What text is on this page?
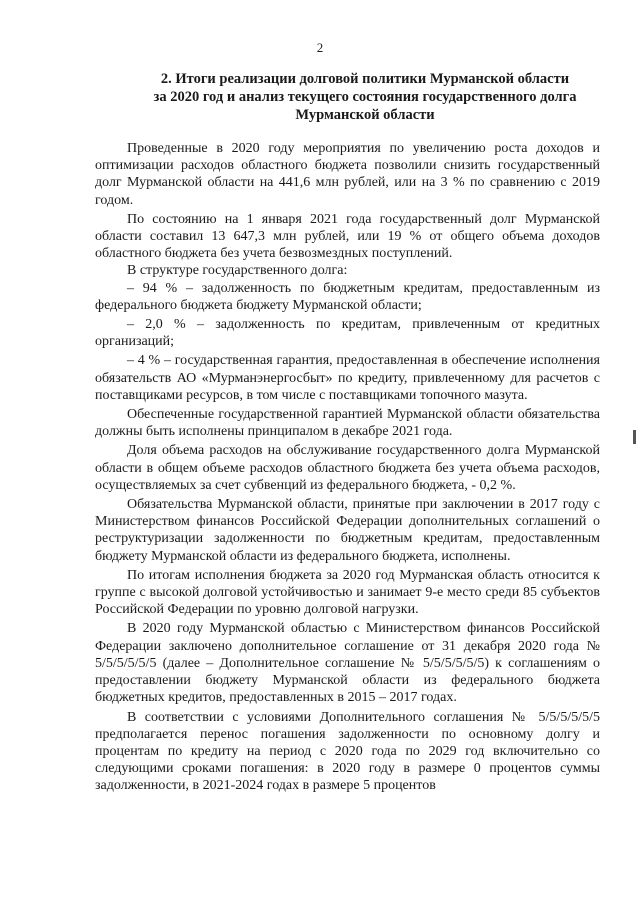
2
2. Итоги реализации долговой политики Мурманской области
за 2020 год и анализ текущего состояния государственного долга
Мурманской области

Проведенные в 2020 году мероприятия по увеличению роста доходов и оптимизации расходов областного бюджета позволили снизить государственный долг Мурманской области на 441,6 млн рублей, или на 3 % по сравнению с 2019 годом.

По состоянию на 1 января 2021 года государственный долг Мурманской области составил 13 647,3 млн рублей, или 19 % от общего объема доходов областного бюджета без учета безвозмездных поступлений.

В структуре государственного долга:

– 94 % – задолженность по бюджетным кредитам, предоставленным из федерального бюджета бюджету Мурманской области;

– 2,0 % – задолженность по кредитам, привлеченным от кредитных организаций;

– 4 % – государственная гарантия, предоставленная в обеспечение исполнения обязательств АО «Мурманэнергосбыт» по кредиту, привлеченному для расчетов с поставщиками ресурсов, в том числе с поставщиками топочного мазута.

Обеспеченные государственной гарантией Мурманской области обязательства должны быть исполнены принципалом в декабре 2021 года.

Доля объема расходов на обслуживание государственного долга Мурманской области в общем объеме расходов областного бюджета без учета объема расходов, осуществляемых за счет субвенций из федерального бюджета, - 0,2 %.

Обязательства Мурманской области, принятые при заключении в 2017 году с Министерством финансов Российской Федерации дополнительных соглашений о реструктуризации задолженности по бюджетным кредитам, предоставленным бюджету Мурманской области из федерального бюджета, исполнены.

По итогам исполнения бюджета за 2020 год Мурманская область относится к группе с высокой долговой устойчивостью и занимает 9-е место среди 85 субъектов Российской Федерации по уровню долговой нагрузки.

В 2020 году Мурманской областью с Министерством финансов Российской Федерации заключено дополнительное соглашение от 31 декабря 2020 года № 5/5/5/5/5/5 (далее – Дополнительное соглашение № 5/5/5/5/5/5) к соглашениям о предоставлении бюджету Мурманской области из федерального бюджета бюджетных кредитов, предоставленных в 2015 – 2017 годах.

В соответствии с условиями Дополнительного соглашения № 5/5/5/5/5/5 предполагается перенос погашения задолженности по основному долгу и процентам по кредиту на период с 2020 года по 2029 год включительно со следующими сроками погашения: в 2020 году в размере 0 процентов суммы задолженности, в 2021-2024 годах в размере 5 процентов
